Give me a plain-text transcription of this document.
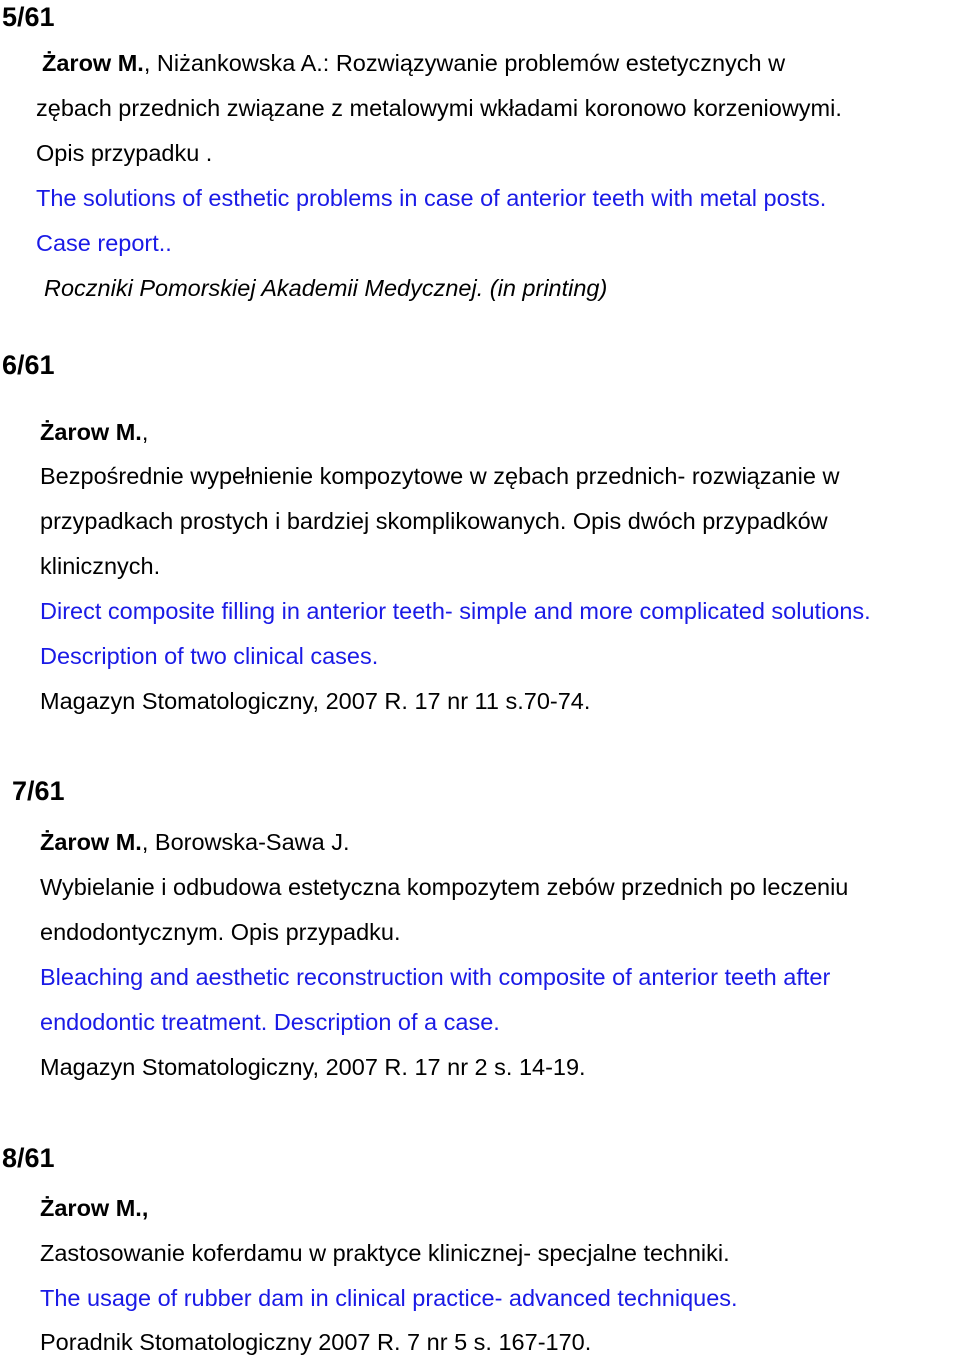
5/61
Żarow M., Niżankowska A.: Rozwiązywanie problemów estetycznych w
zębach przednich związane z metalowymi wkładami koronowo korzeniowymi.
Opis przypadku .
The solutions of esthetic problems in case of anterior teeth with metal posts.
Case report..
Roczniki Pomorskiej Akademii Medycznej. (in printing)
6/61
Żarow M.,
Bezpośrednie wypełnienie kompozytowe w zębach przednich- rozwiązanie w
przypadkach prostych i bardziej skomplikowanych. Opis dwóch przypadków
klinicznych.
Direct composite filling in anterior teeth- simple and more complicated solutions.
Description of two clinical cases.
Magazyn Stomatologiczny, 2007 R. 17 nr 11 s.70-74.
7/61
Żarow M., Borowska-Sawa J.
Wybielanie i odbudowa estetyczna kompozytem zebów przednich po leczeniu
endodontycznym. Opis przypadku.
Bleaching and aesthetic reconstruction with composite of anterior teeth after
endodontic treatment. Description of a case.
Magazyn Stomatologiczny, 2007 R. 17 nr 2 s. 14-19.
8/61
Żarow M.,
Zastosowanie koferdamu w praktyce klinicznej- specjalne techniki.
The usage of rubber dam in clinical practice- advanced techniques.
Poradnik Stomatologiczny 2007 R. 7 nr 5 s. 167-170.
